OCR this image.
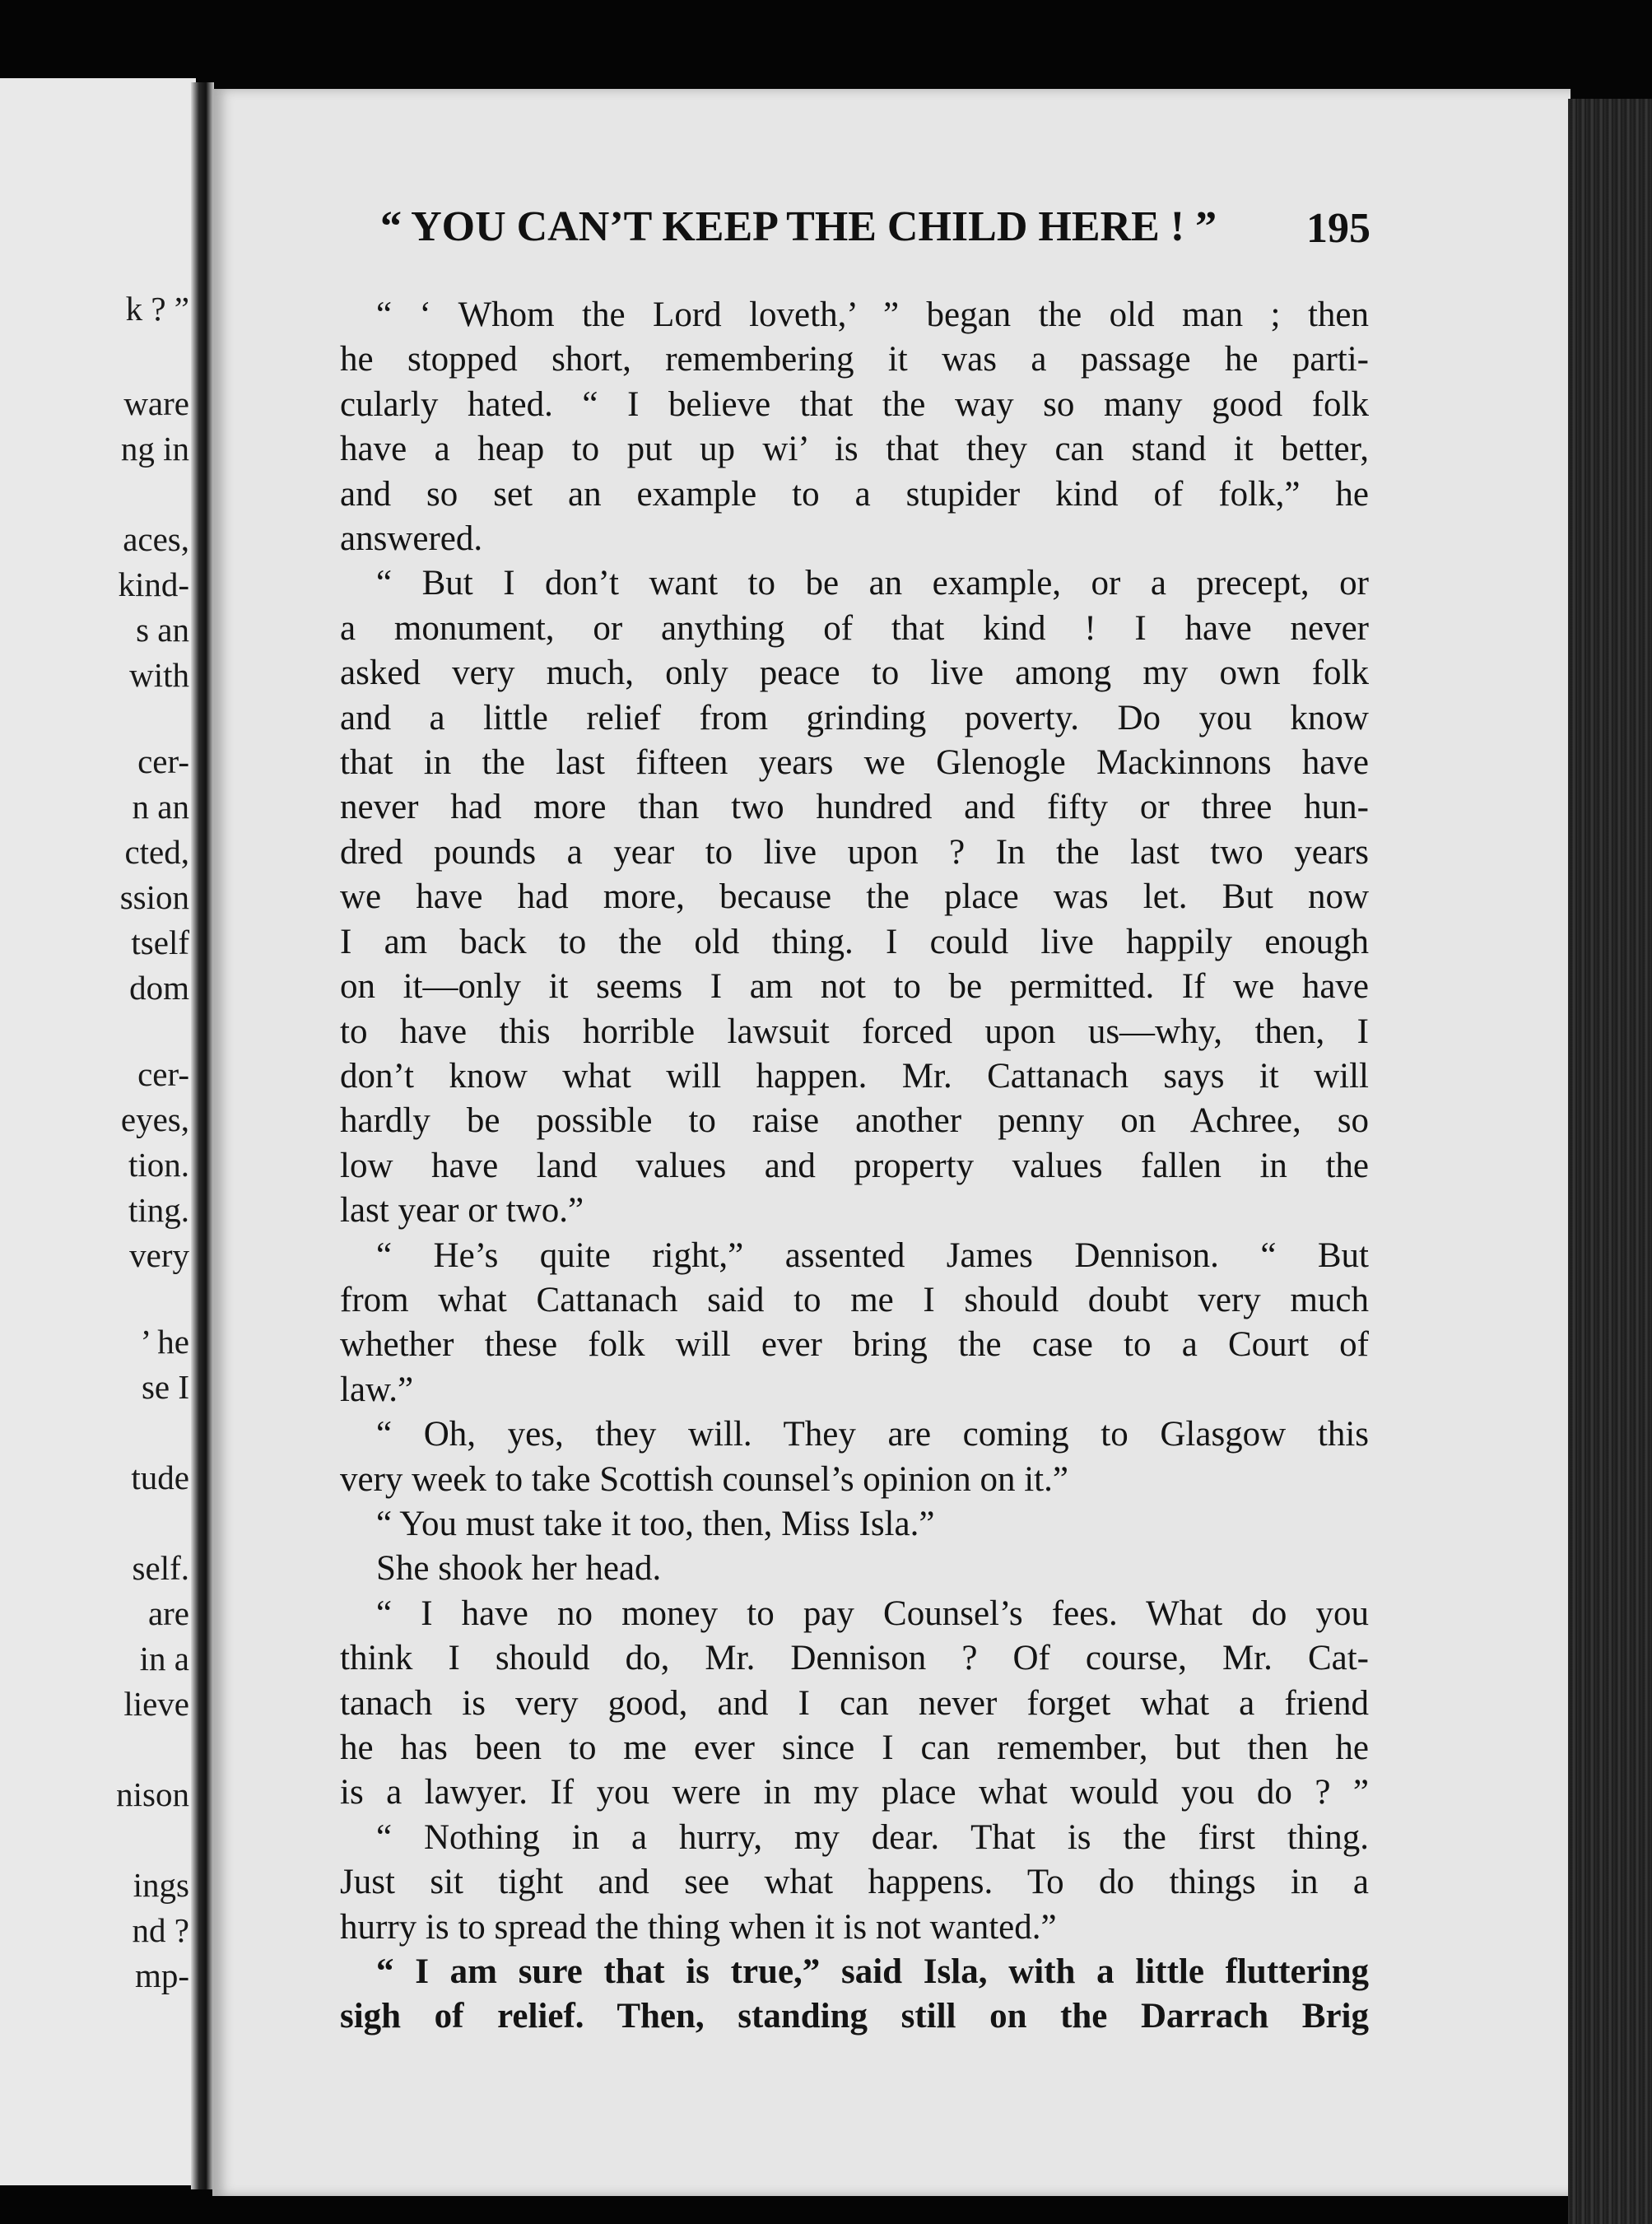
k ? ”
ware
ng in
aces,
kind-
s an
with
cer-
n an
cted,
ssion
tself
dom
cer-
eyes,
tion.
ting.
very
’ he
se I
tude
self.
are
in a
lieve
nison
ings
nd ?
mp-
“ YOU CAN’T KEEP THE CHILD HERE ! ” 195
“ ‘ Whom the Lord loveth,’ ” began the old man ; then
he stopped short, remembering it was a passage he parti-
cularly hated. “ I believe that the way so many good folk
have a heap to put up wi’ is that they can stand it better,
and so set an example to a stupider kind of folk,” he
answered.
“ But I don’t want to be an example, or a precept, or
a monument, or anything of that kind ! I have never
asked very much, only peace to live among my own folk
and a little relief from grinding poverty. Do you know
that in the last fifteen years we Glenogle Mackinnons have
never had more than two hundred and fifty or three hun-
dred pounds a year to live upon ? In the last two years
we have had more, because the place was let. But now
I am back to the old thing. I could live happily enough
on it—only it seems I am not to be permitted. If we have
to have this horrible lawsuit forced upon us—why, then, I
don’t know what will happen. Mr. Cattanach says it will
hardly be possible to raise another penny on Achree, so
low have land values and property values fallen in the
last year or two.”
“ He’s quite right,” assented James Dennison. “ But
from what Cattanach said to me I should doubt very much
whether these folk will ever bring the case to a Court of
law.”
“ Oh, yes, they will. They are coming to Glasgow this
very week to take Scottish counsel’s opinion on it.”
“ You must take it too, then, Miss Isla.”
She shook her head.
“ I have no money to pay Counsel’s fees. What do you
think I should do, Mr. Dennison ? Of course, Mr. Cat-
tanach is very good, and I can never forget what a friend
he has been to me ever since I can remember, but then he
is a lawyer. If you were in my place what would you do ? ”
“ Nothing in a hurry, my dear. That is the first thing.
Just sit tight and see what happens. To do things in a
hurry is to spread the thing when it is not wanted.”
“ I am sure that is true,” said Isla, with a little fluttering
sigh of relief. Then, standing still on the Darrach Brig
